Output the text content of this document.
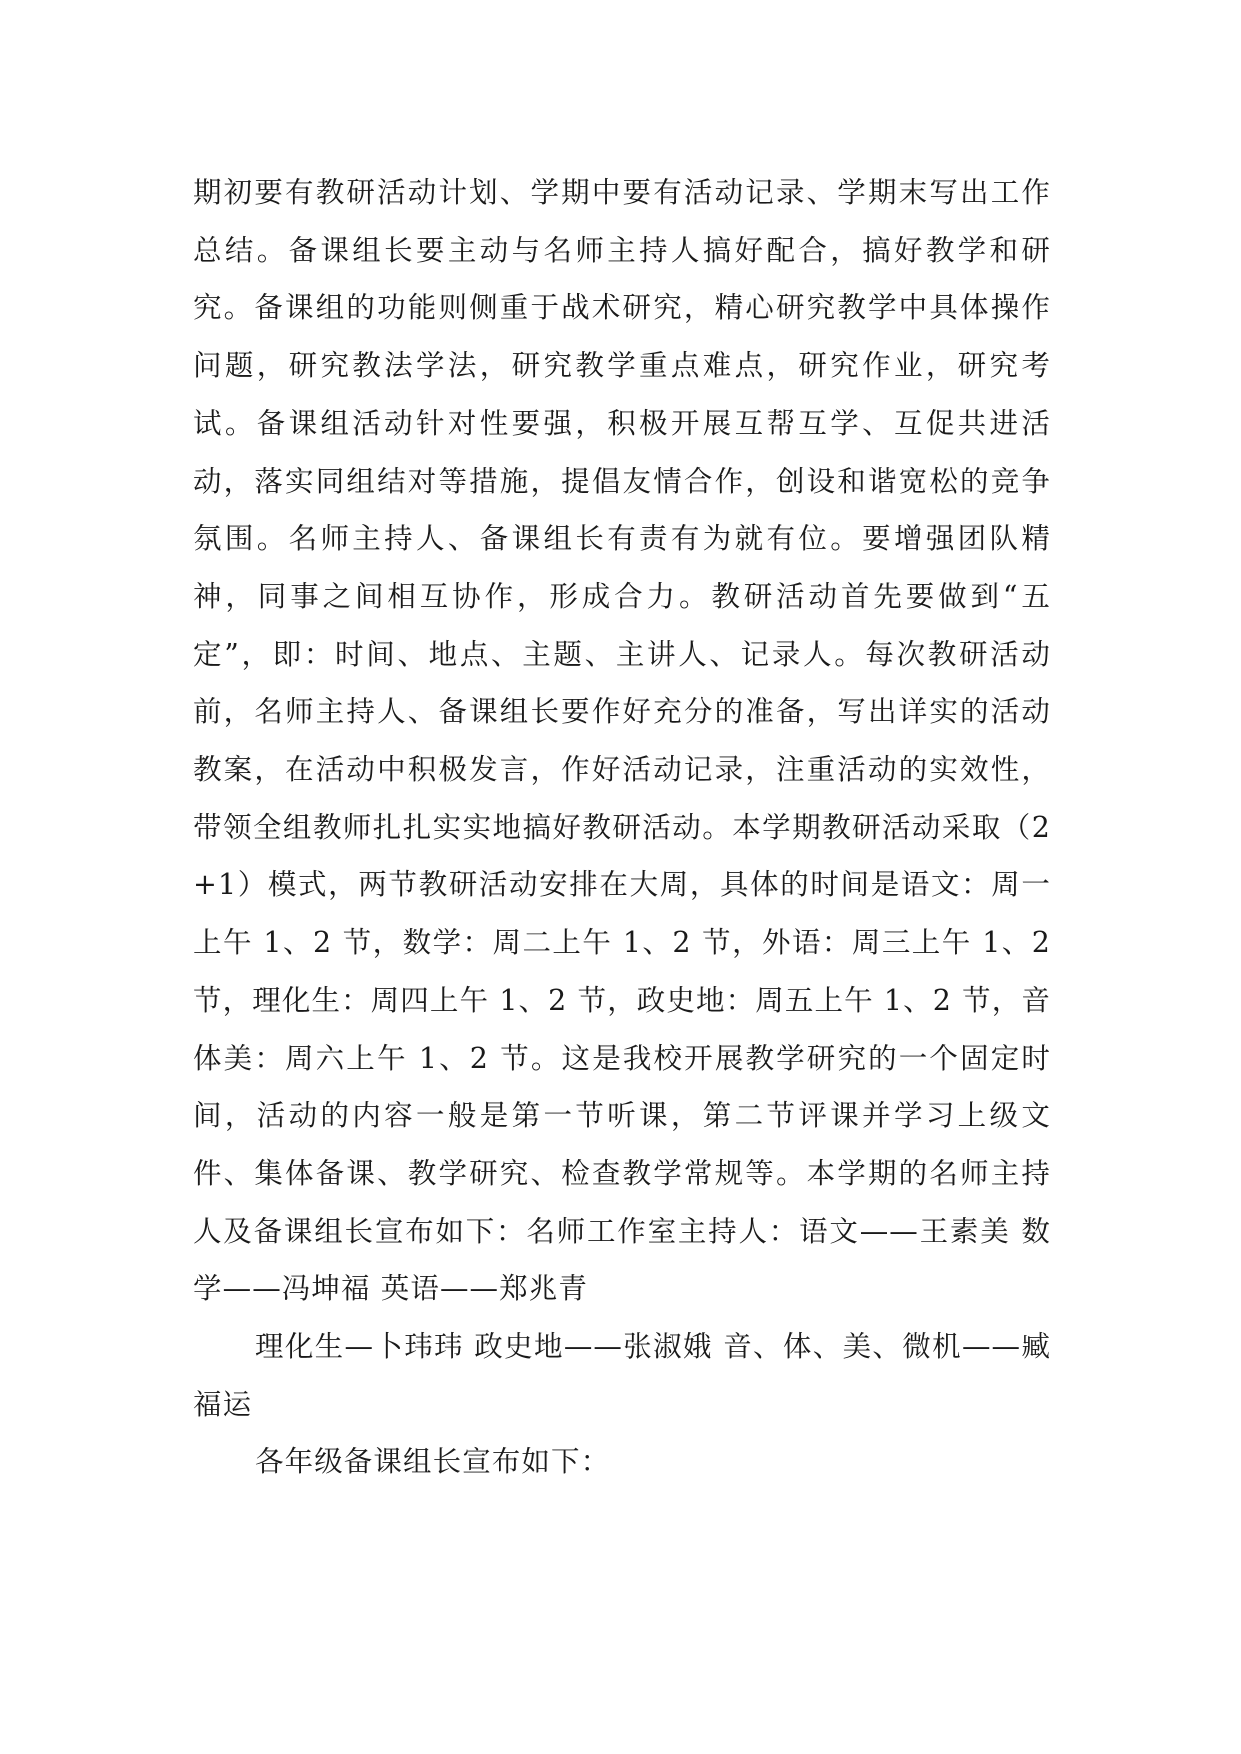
期初要有教研活动计划、学期中要有活动记录、学期末写出工作总结。备课组长要主动与名师主持人搞好配合，搞好教学和研究。备课组的功能则侧重于战术研究，精心研究教学中具体操作问题，研究教法学法，研究教学重点难点，研究作业，研究考试。备课组活动针对性要强，积极开展互帮互学、互促共进活动，落实同组结对等措施，提倡友情合作，创设和谐宽松的竞争氛围。名师主持人、备课组长有责有为就有位。要增强团队精神，同事之间相互协作，形成合力。教研活动首先要做到“五定”，即：时间、地点、主题、主讲人、记录人。每次教研活动前，名师主持人、备课组长要作好充分的准备，写出详实的活动教案，在活动中积极发言，作好活动记录，注重活动的实效性，带领全组教师扎扎实实地搞好教研活动。本学期教研活动采取（2+1）模式，两节教研活动安排在大周，具体的时间是语文：周一上午 1、2 节，数学：周二上午 1、2 节，外语：周三上午 1、2 节，理化生：周四上午 1、2 节，政史地：周五上午 1、2 节，音体美：周六上午 1、2 节。这是我校开展教学研究的一个固定时间，活动的内容一般是第一节听课，第二节评课并学习上级文件、集体备课、教学研究、检查教学常规等。本学期的名师主持人及备课组长宣布如下：名师工作室主持人：语文——王素美 数学——冯坤福 英语——郑兆青

理化生—卜玮玮 政史地——张淑娥 音、体、美、微机——臧福运

各年级备课组长宣布如下：
